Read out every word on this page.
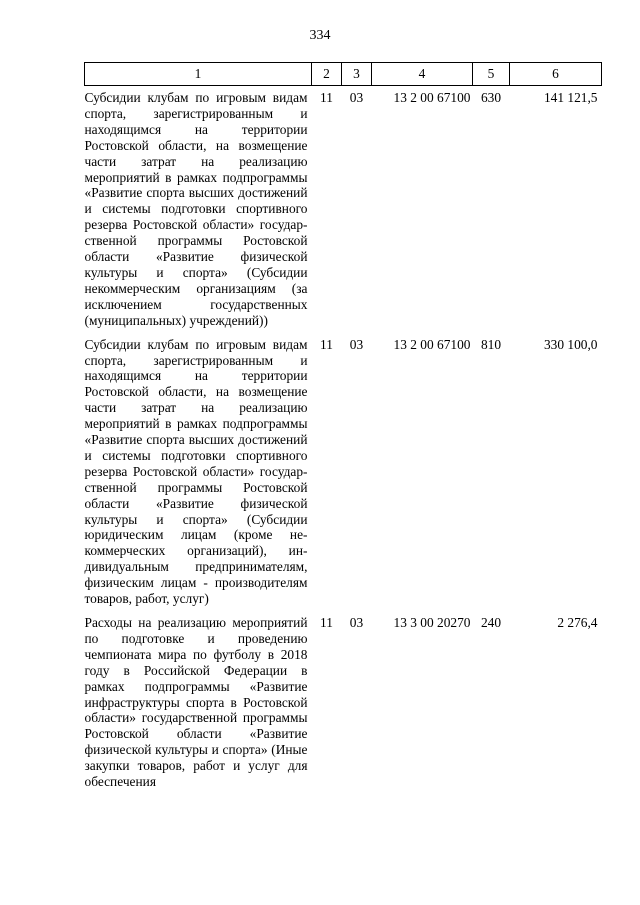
334
1	2	3	4	5	6
Субсидии клубам по игровым видам спорта, зарегистрированным и находящимся на территории Ростовской области, на возмещение части затрат на реализацию мероприятий в рамках подпрограммы «Развитие спорта высших достижений и системы подготовки спортивного резерва Ростовской области» государственной программы Ростовской области «Развитие физической культуры и спорта» (Субсидии некоммерческим организациям (за исключением государственных (муниципальных) учреждений))	11	03	13 2 00 67100	630	141 121,5
Субсидии клубам по игровым видам спорта, зарегистрированным и находящимся на территории Ростовской области, на возмещение части затрат на реализацию мероприятий в рамках подпрограммы «Развитие спорта высших достижений и системы подготовки спортивного резерва Ростовской области» государственной программы Ростовской области «Развитие физической культуры и спорта» (Субсидии юридическим лицам (кроме некоммерческих организаций), индивидуальным предпринимателям, физическим лицам - производителям товаров, работ, услуг)	11	03	13 2 00 67100	810	330 100,0
Расходы на реализацию мероприятий по подготовке и проведению чемпионата мира по футболу в 2018 году в Российской Федерации в рамках подпрограммы «Развитие инфраструктуры спорта в Ростовской области» государственной программы Ростовской области «Развитие физической культуры и спорта» (Иные закупки товаров, работ и услуг для обеспечения	11	03	13 3 00 20270	240	2 276,4
